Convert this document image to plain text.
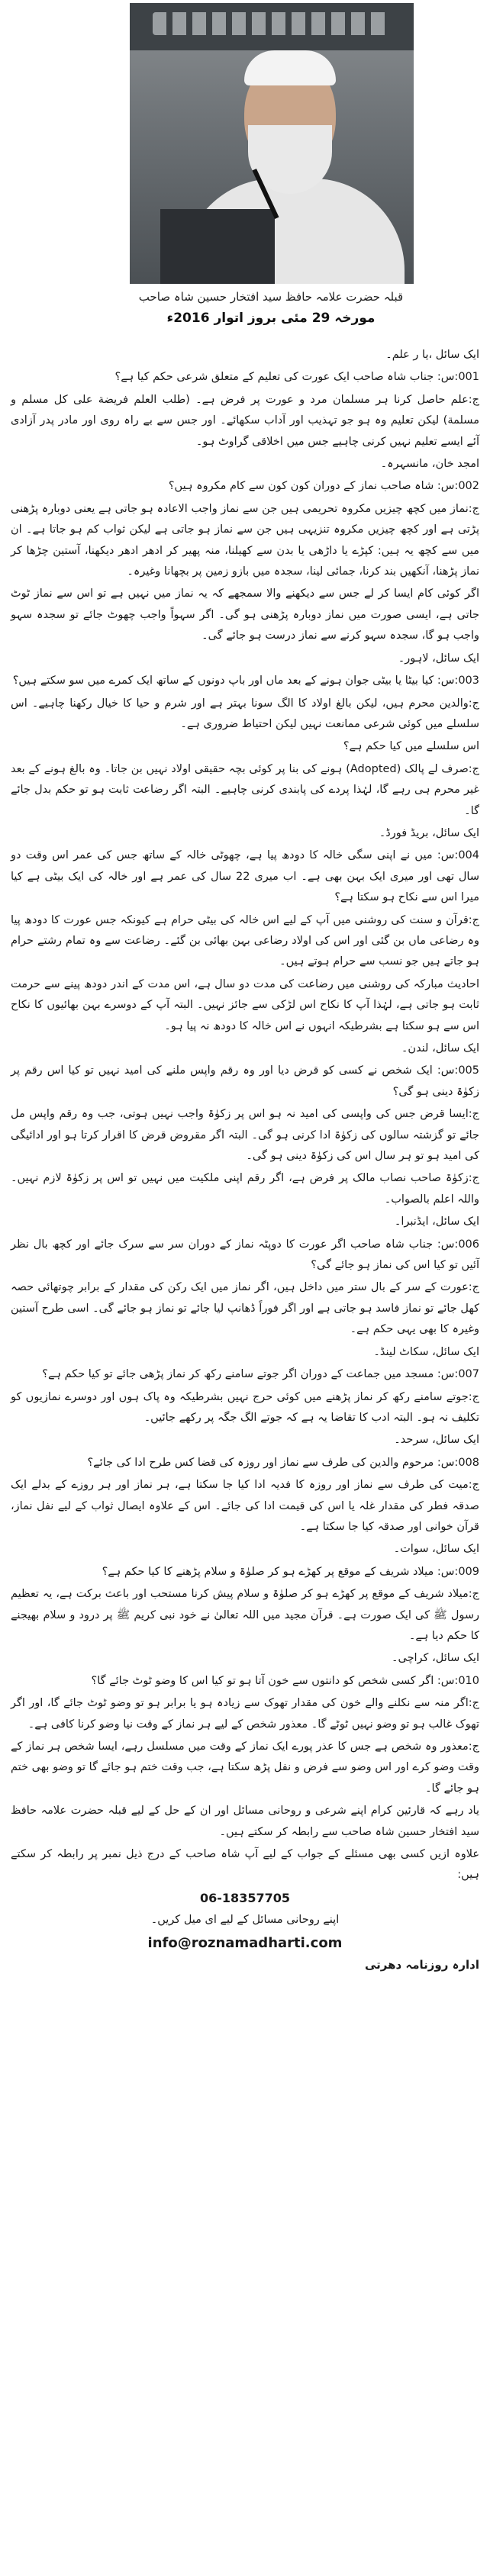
قبلہ حضرت علامہ حافظ سید افتخار حسین شاہ صاحب
مورخہ 29 مئی بروز اتوار 2016ء

ایک سائل ،یا ر علم۔

001:س: جناب شاہ صاحب ایک عورت کی تعلیم کے متعلق شرعی حکم کیا ہے؟

ج:علم حاصل کرنا ہر مسلمان مرد و عورت پر فرض ہے۔ (طلب العلم فریضة علی کل مسلم و مسلمة) لیکن تعلیم وہ ہو جو تہذیب اور آداب سکھائے۔ اور جس سے بے راہ روی اور مادر پدر آزادی آئے ایسے تعلیم نہیں کرنی چاہیے جس میں اخلاقی گراوٹ ہو۔

امجد خان، مانسہرہ۔

002:س: شاہ صاحب نماز کے دوران کون کون سے کام مکروہ ہیں؟

ج:نماز میں کچھ چیزیں مکروہ تحریمی ہیں جن سے نماز واجب الاعادہ ہو جاتی ہے یعنی دوبارہ پڑھنی پڑتی ہے اور کچھ چیزیں مکروہ تنزیہی ہیں جن سے نماز ہو جاتی ہے لیکن ثواب کم ہو جاتا ہے۔ ان میں سے کچھ یہ ہیں: کپڑے یا داڑھی یا بدن سے کھیلنا، منہ پھیر کر ادھر ادھر دیکھنا، آستین چڑھا کر نماز پڑھنا، آنکھیں بند کرنا، جمائی لینا، سجدہ میں بازو زمین پر بچھانا وغیرہ۔

اگر کوئی کام ایسا کر لے جس سے دیکھنے والا سمجھے کہ یہ نماز میں نہیں ہے تو اس سے نماز ٹوٹ جاتی ہے، ایسی صورت میں نماز دوبارہ پڑھنی ہو گی۔ اگر سہواً واجب چھوٹ جائے تو سجدہ سہو واجب ہو گا، سجدہ سہو کرنے سے نماز درست ہو جائے گی۔

ایک سائل، لاہور۔

003:س: کیا بیٹا یا بیٹی جوان ہونے کے بعد ماں اور باپ دونوں کے ساتھ ایک کمرے میں سو سکتے ہیں؟

ج:والدین محرم ہیں، لیکن بالغ اولاد کا الگ سونا بہتر ہے اور شرم و حیا کا خیال رکھنا چاہیے۔ اس سلسلے میں کوئی شرعی ممانعت نہیں لیکن احتیاط ضروری ہے۔

اس سلسلے میں کیا حکم ہے؟

ج:صرف لے پالک (Adopted) ہونے کی بنا پر کوئی بچہ حقیقی اولاد نہیں بن جاتا۔ وہ بالغ ہونے کے بعد غیر محرم ہی رہے گا، لہٰذا پردے کی پابندی کرنی چاہیے۔ البتہ اگر رضاعت ثابت ہو تو حکم بدل جائے گا۔

ایک سائل، بریڈ فورڈ۔

004:س: میں نے اپنی سگی خالہ کا دودھ پیا ہے، چھوٹی خالہ کے ساتھ جس کی عمر اس وقت دو سال تھی اور میری ایک بہن بھی ہے۔ اب میری 22 سال کی عمر ہے اور خالہ کی ایک بیٹی ہے کیا میرا اس سے نکاح ہو سکتا ہے؟

ج:قرآن و سنت کی روشنی میں آپ کے لیے اس خالہ کی بیٹی حرام ہے کیونکہ جس عورت کا دودھ پیا وہ رضاعی ماں بن گئی اور اس کی اولاد رضاعی بہن بھائی بن گئے۔ رضاعت سے وہ تمام رشتے حرام ہو جاتے ہیں جو نسب سے حرام ہوتے ہیں۔

احادیث مبارکہ کی روشنی میں رضاعت کی مدت دو سال ہے، اس مدت کے اندر دودھ پینے سے حرمت ثابت ہو جاتی ہے، لہٰذا آپ کا نکاح اس لڑکی سے جائز نہیں۔ البتہ آپ کے دوسرے بہن بھائیوں کا نکاح اس سے ہو سکتا ہے بشرطیکہ انہوں نے اس خالہ کا دودھ نہ پیا ہو۔

ایک سائل، لندن۔

005:س: ایک شخص نے کسی کو قرض دیا اور وہ رقم واپس ملنے کی امید نہیں تو کیا اس رقم پر زکوٰۃ دینی ہو گی؟

ج:ایسا قرض جس کی واپسی کی امید نہ ہو اس پر زکوٰۃ واجب نہیں ہوتی، جب وہ رقم واپس مل جائے تو گزشتہ سالوں کی زکوٰۃ ادا کرنی ہو گی۔ البتہ اگر مقروض قرض کا اقرار کرتا ہو اور ادائیگی کی امید ہو تو ہر سال اس کی زکوٰۃ دینی ہو گی۔

ج:زکوٰۃ صاحب نصاب مالک پر فرض ہے، اگر رقم اپنی ملکیت میں نہیں تو اس پر زکوٰۃ لازم نہیں۔ واللہ اعلم بالصواب۔

ایک سائل، ایڈنبرا۔

006:س: جناب شاہ صاحب اگر عورت کا دوپٹہ نماز کے دوران سر سے سرک جائے اور کچھ بال نظر آئیں تو کیا اس کی نماز ہو جائے گی؟

ج:عورت کے سر کے بال ستر میں داخل ہیں، اگر نماز میں ایک رکن کی مقدار کے برابر چوتھائی حصہ کھل جائے تو نماز فاسد ہو جاتی ہے اور اگر فوراً ڈھانپ لیا جائے تو نماز ہو جائے گی۔ اسی طرح آستین وغیرہ کا بھی یہی حکم ہے۔

ایک سائل، سکاٹ لینڈ۔

007:س: مسجد میں جماعت کے دوران اگر جوتے سامنے رکھ کر نماز پڑھی جائے تو کیا حکم ہے؟

ج:جوتے سامنے رکھ کر نماز پڑھنے میں کوئی حرج نہیں بشرطیکہ وہ پاک ہوں اور دوسرے نمازیوں کو تکلیف نہ ہو۔ البتہ ادب کا تقاضا یہ ہے کہ جوتے الگ جگہ پر رکھے جائیں۔

ایک سائل، سرحد۔

008:س: مرحوم والدین کی طرف سے نماز اور روزہ کی قضا کس طرح ادا کی جائے؟

ج:میت کی طرف سے نماز اور روزہ کا فدیہ ادا کیا جا سکتا ہے، ہر نماز اور ہر روزے کے بدلے ایک صدقہ فطر کی مقدار غلہ یا اس کی قیمت ادا کی جائے۔ اس کے علاوہ ایصال ثواب کے لیے نفل نماز، قرآن خوانی اور صدقہ کیا جا سکتا ہے۔

ایک سائل، سوات۔

009:س: میلاد شریف کے موقع پر کھڑے ہو کر صلوٰۃ و سلام پڑھنے کا کیا حکم ہے؟

ج:میلاد شریف کے موقع پر کھڑے ہو کر صلوٰۃ و سلام پیش کرنا مستحب اور باعث برکت ہے، یہ تعظیم رسول ﷺ کی ایک صورت ہے۔ قرآن مجید میں اللہ تعالیٰ نے خود نبی کریم ﷺ پر درود و سلام بھیجنے کا حکم دیا ہے۔

ایک سائل، کراچی۔

010:س: اگر کسی شخص کو دانتوں سے خون آتا ہو تو کیا اس کا وضو ٹوٹ جائے گا؟

ج:اگر منہ سے نکلنے والے خون کی مقدار تھوک سے زیادہ ہو یا برابر ہو تو وضو ٹوٹ جائے گا، اور اگر تھوک غالب ہو تو وضو نہیں ٹوٹے گا۔ معذور شخص کے لیے ہر نماز کے وقت نیا وضو کرنا کافی ہے۔

ج:معذور وہ شخص ہے جس کا عذر پورے ایک نماز کے وقت میں مسلسل رہے، ایسا شخص ہر نماز کے وقت وضو کرے اور اس وضو سے فرض و نفل پڑھ سکتا ہے، جب وقت ختم ہو جائے گا تو وضو بھی ختم ہو جائے گا۔

یاد رہے کہ قارئین کرام اپنے شرعی و روحانی مسائل اور ان کے حل کے لیے قبلہ حضرت علامہ حافظ سید افتخار حسین شاہ صاحب سے رابطہ کر سکتے ہیں۔

علاوہ ازیں کسی بھی مسئلے کے جواب کے لیے آپ شاہ صاحب کے درج ذیل نمبر پر رابطہ کر سکتے ہیں:

06-18357705

اپنے روحانی مسائل کے لیے ای میل کریں۔

info@roznamadharti.com

ادارہ روزنامہ دھرتی
